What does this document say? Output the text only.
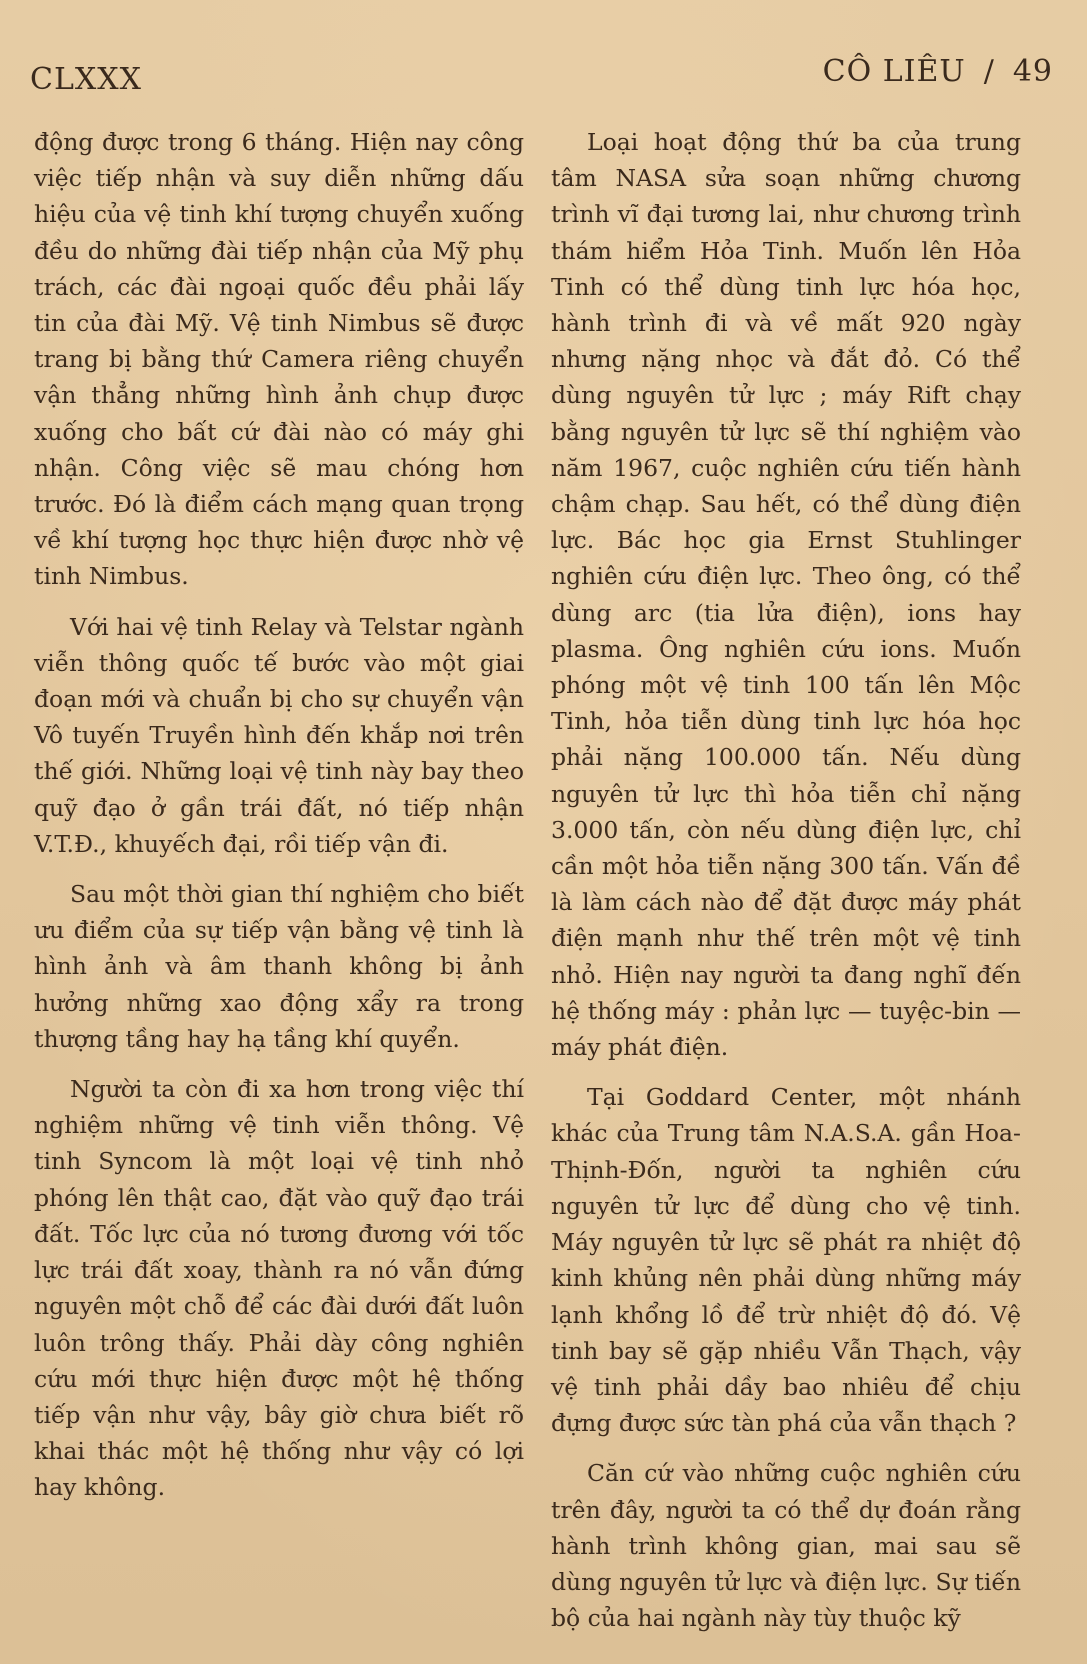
CLXXX	CÔ LIÊU / 49

động được trong 6 tháng. Hiện nay công việc tiếp nhận và suy diễn những dấu hiệu của vệ tinh khí tượng chuyển xuống đều do những đài tiếp nhận của Mỹ phụ trách, các đài ngoại quốc đều phải lấy tin của đài Mỹ. Vệ tinh Nimbus sẽ được trang bị bằng thứ Camera riêng chuyển vận thẳng những hình ảnh chụp được xuống cho bất cứ đài nào có máy ghi nhận. Công việc sẽ mau chóng hơn trước. Đó là điểm cách mạng quan trọng về khí tượng học thực hiện được nhờ vệ tinh Nimbus.

Với hai vệ tinh Relay và Telstar ngành viễn thông quốc tế bước vào một giai đoạn mới và chuẩn bị cho sự chuyển vận Vô tuyến Truyền hình đến khắp nơi trên thế giới. Những loại vệ tinh này bay theo quỹ đạo ở gần trái đất, nó tiếp nhận V.T.Đ., khuyếch đại, rồi tiếp vận đi.

Sau một thời gian thí nghiệm cho biết ưu điểm của sự tiếp vận bằng vệ tinh là hình ảnh và âm thanh không bị ảnh hưởng những xao động xẩy ra trong thượng tầng hay hạ tầng khí quyển.

Người ta còn đi xa hơn trong việc thí nghiệm những vệ tinh viễn thông. Vệ tinh Syncom là một loại vệ tinh nhỏ phóng lên thật cao, đặt vào quỹ đạo trái đất. Tốc lực của nó tương đương với tốc lực trái đất xoay, thành ra nó vẫn đứng nguyên một chỗ để các đài dưới đất luôn luôn trông thấy. Phải dày công nghiên cứu mới thực hiện được một hệ thống tiếp vận như vậy, bây giờ chưa biết rõ khai thác một hệ thống như vậy có lợi hay không.

Loại hoạt động thứ ba của trung tâm NASA sửa soạn những chương trình vĩ đại tương lai, như chương trình thám hiểm Hỏa Tinh. Muốn lên Hỏa Tinh có thể dùng tinh lực hóa học, hành trình đi và về mất 920 ngày nhưng nặng nhọc và đắt đỏ. Có thể dùng nguyên tử lực ; máy Rift chạy bằng nguyên tử lực sẽ thí nghiệm vào năm 1967, cuộc nghiên cứu tiến hành chậm chạp. Sau hết, có thể dùng điện lực. Bác học gia Ernst Stuhlinger nghiên cứu điện lực. Theo ông, có thể dùng arc (tia lửa điện), ions hay plasma. Ông nghiên cứu ions. Muốn phóng một vệ tinh 100 tấn lên Mộc Tinh, hỏa tiễn dùng tinh lực hóa học phải nặng 100.000 tấn. Nếu dùng nguyên tử lực thì hỏa tiễn chỉ nặng 3.000 tấn, còn nếu dùng điện lực, chỉ cần một hỏa tiễn nặng 300 tấn. Vấn đề là làm cách nào để đặt được máy phát điện mạnh như thế trên một vệ tinh nhỏ. Hiện nay người ta đang nghĩ đến hệ thống máy : phản lực — tuyệc-bin — máy phát điện.

Tại Goddard Center, một nhánh khác của Trung tâm N.A.S.A. gần Hoa-Thịnh-Đốn, người ta nghiên cứu nguyên tử lực để dùng cho vệ tinh. Máy nguyên tử lực sẽ phát ra nhiệt độ kinh khủng nên phải dùng những máy lạnh khổng lồ để trừ nhiệt độ đó. Vệ tinh bay sẽ gặp nhiều Vẫn Thạch, vậy vệ tinh phải dầy bao nhiêu để chịu đựng được sức tàn phá của vẫn thạch ?

Căn cứ vào những cuộc nghiên cứu trên đây, người ta có thể dự đoán rằng hành trình không gian, mai sau sẽ dùng nguyên tử lực và điện lực. Sự tiến bộ của hai ngành này tùy thuộc kỹ
